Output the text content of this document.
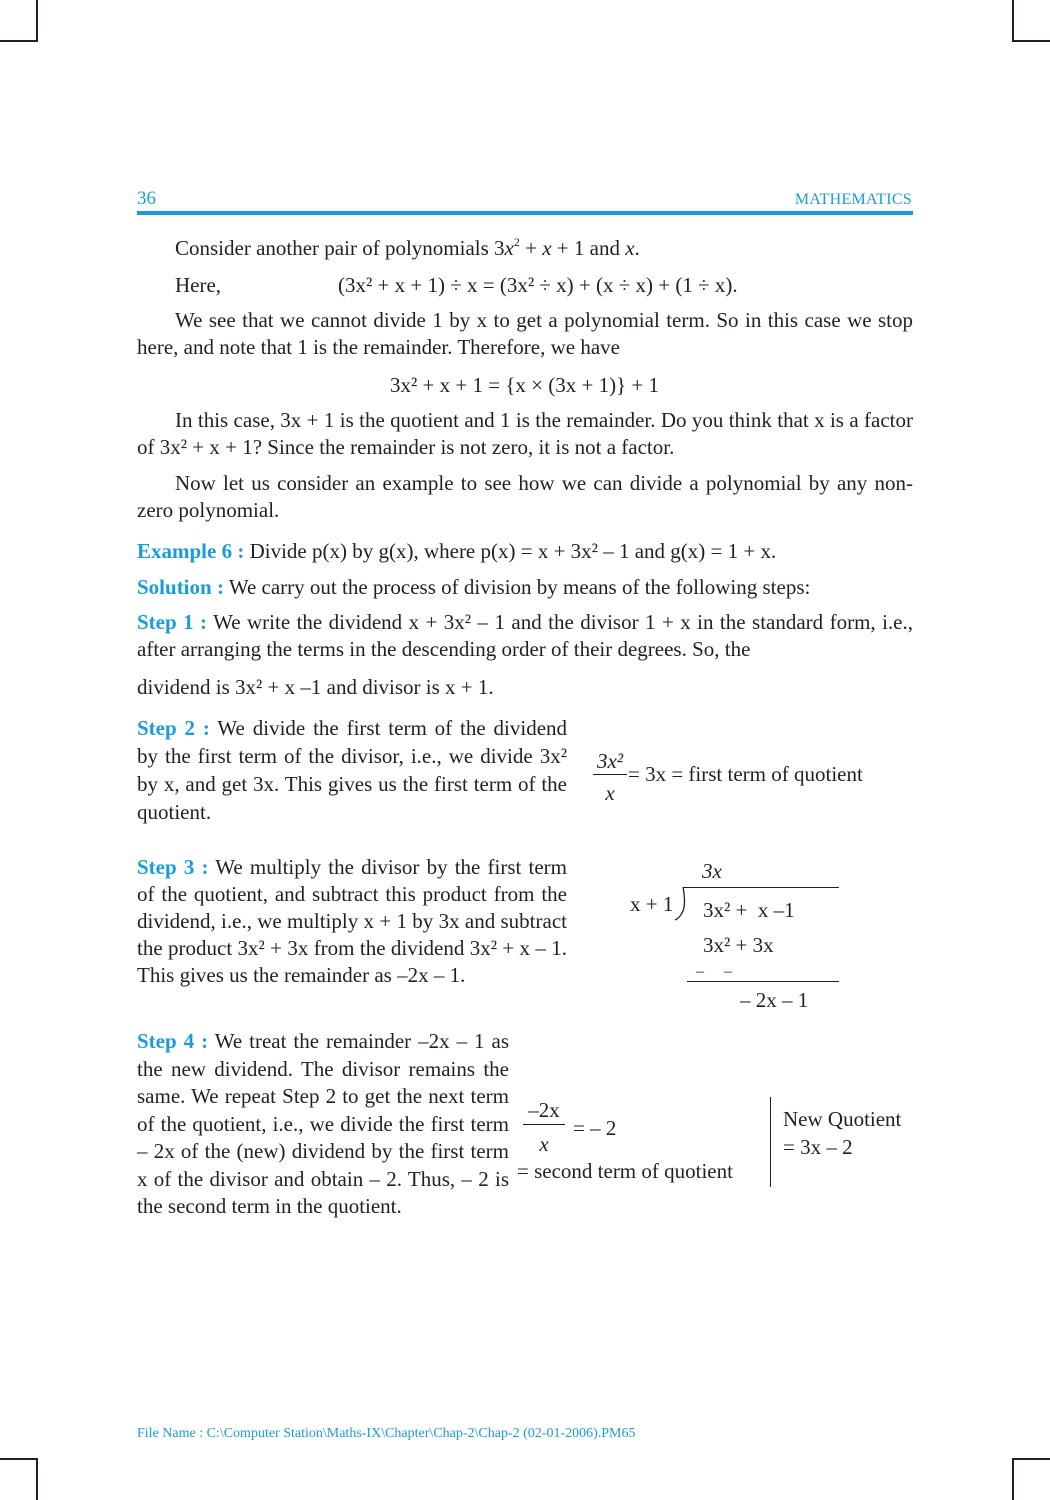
36	MATHEMATICS
Consider another pair of polynomials $3x^2 + x + 1$ and x.
Here,	(3x² + x + 1) ÷ x = (3x² ÷ x) + (x ÷ x) + (1 ÷ x).
We see that we cannot divide 1 by x to get a polynomial term. So in this case we stop here, and note that 1 is the remainder. Therefore, we have
3x² + x + 1 = {x × (3x + 1)} + 1
In this case, 3x + 1 is the quotient and 1 is the remainder. Do you think that x is a factor of 3x² + x + 1? Since the remainder is not zero, it is not a factor.
Now let us consider an example to see how we can divide a polynomial by any non-zero polynomial.
Example 6 : Divide p(x) by g(x), where p(x) = x + 3x² – 1 and g(x) = 1 + x.
Solution : We carry out the process of division by means of the following steps:
Step 1 : We write the dividend x + 3x² – 1 and the divisor 1 + x in the standard form, i.e., after arranging the terms in the descending order of their degrees. So, the
dividend is 3x² + x –1 and divisor is x + 1.
Step 2 : We divide the first term of the dividend by the first term of the divisor, i.e., we divide 3x² by x, and get 3x. This gives us the first term of the quotient.
3x²
x
= 3x = first term of quotient
Step 3 : We multiply the divisor by the first term of the quotient, and subtract this product from the dividend, i.e., we multiply x + 1 by 3x and subtract the product 3x² + 3x from the dividend 3x² + x – 1. This gives us the remainder as –2x – 1.
3x
x + 1 3x² +  x –1
3x² + 3x
–     –
– 2x – 1
Step 4 : We treat the remainder –2x – 1 as the new dividend. The divisor remains the same. We repeat Step 2 to get the next term of the quotient, i.e., we divide the first term – 2x of the (new) dividend by the first term x of the divisor and obtain – 2. Thus, – 2 is the second term in the quotient.
–2x
x
= – 2
= second term of quotient
New Quotient
= 3x – 2
File Name : C:\Computer Station\Maths-IX\Chapter\Chap-2\Chap-2 (02-01-2006).PM65
